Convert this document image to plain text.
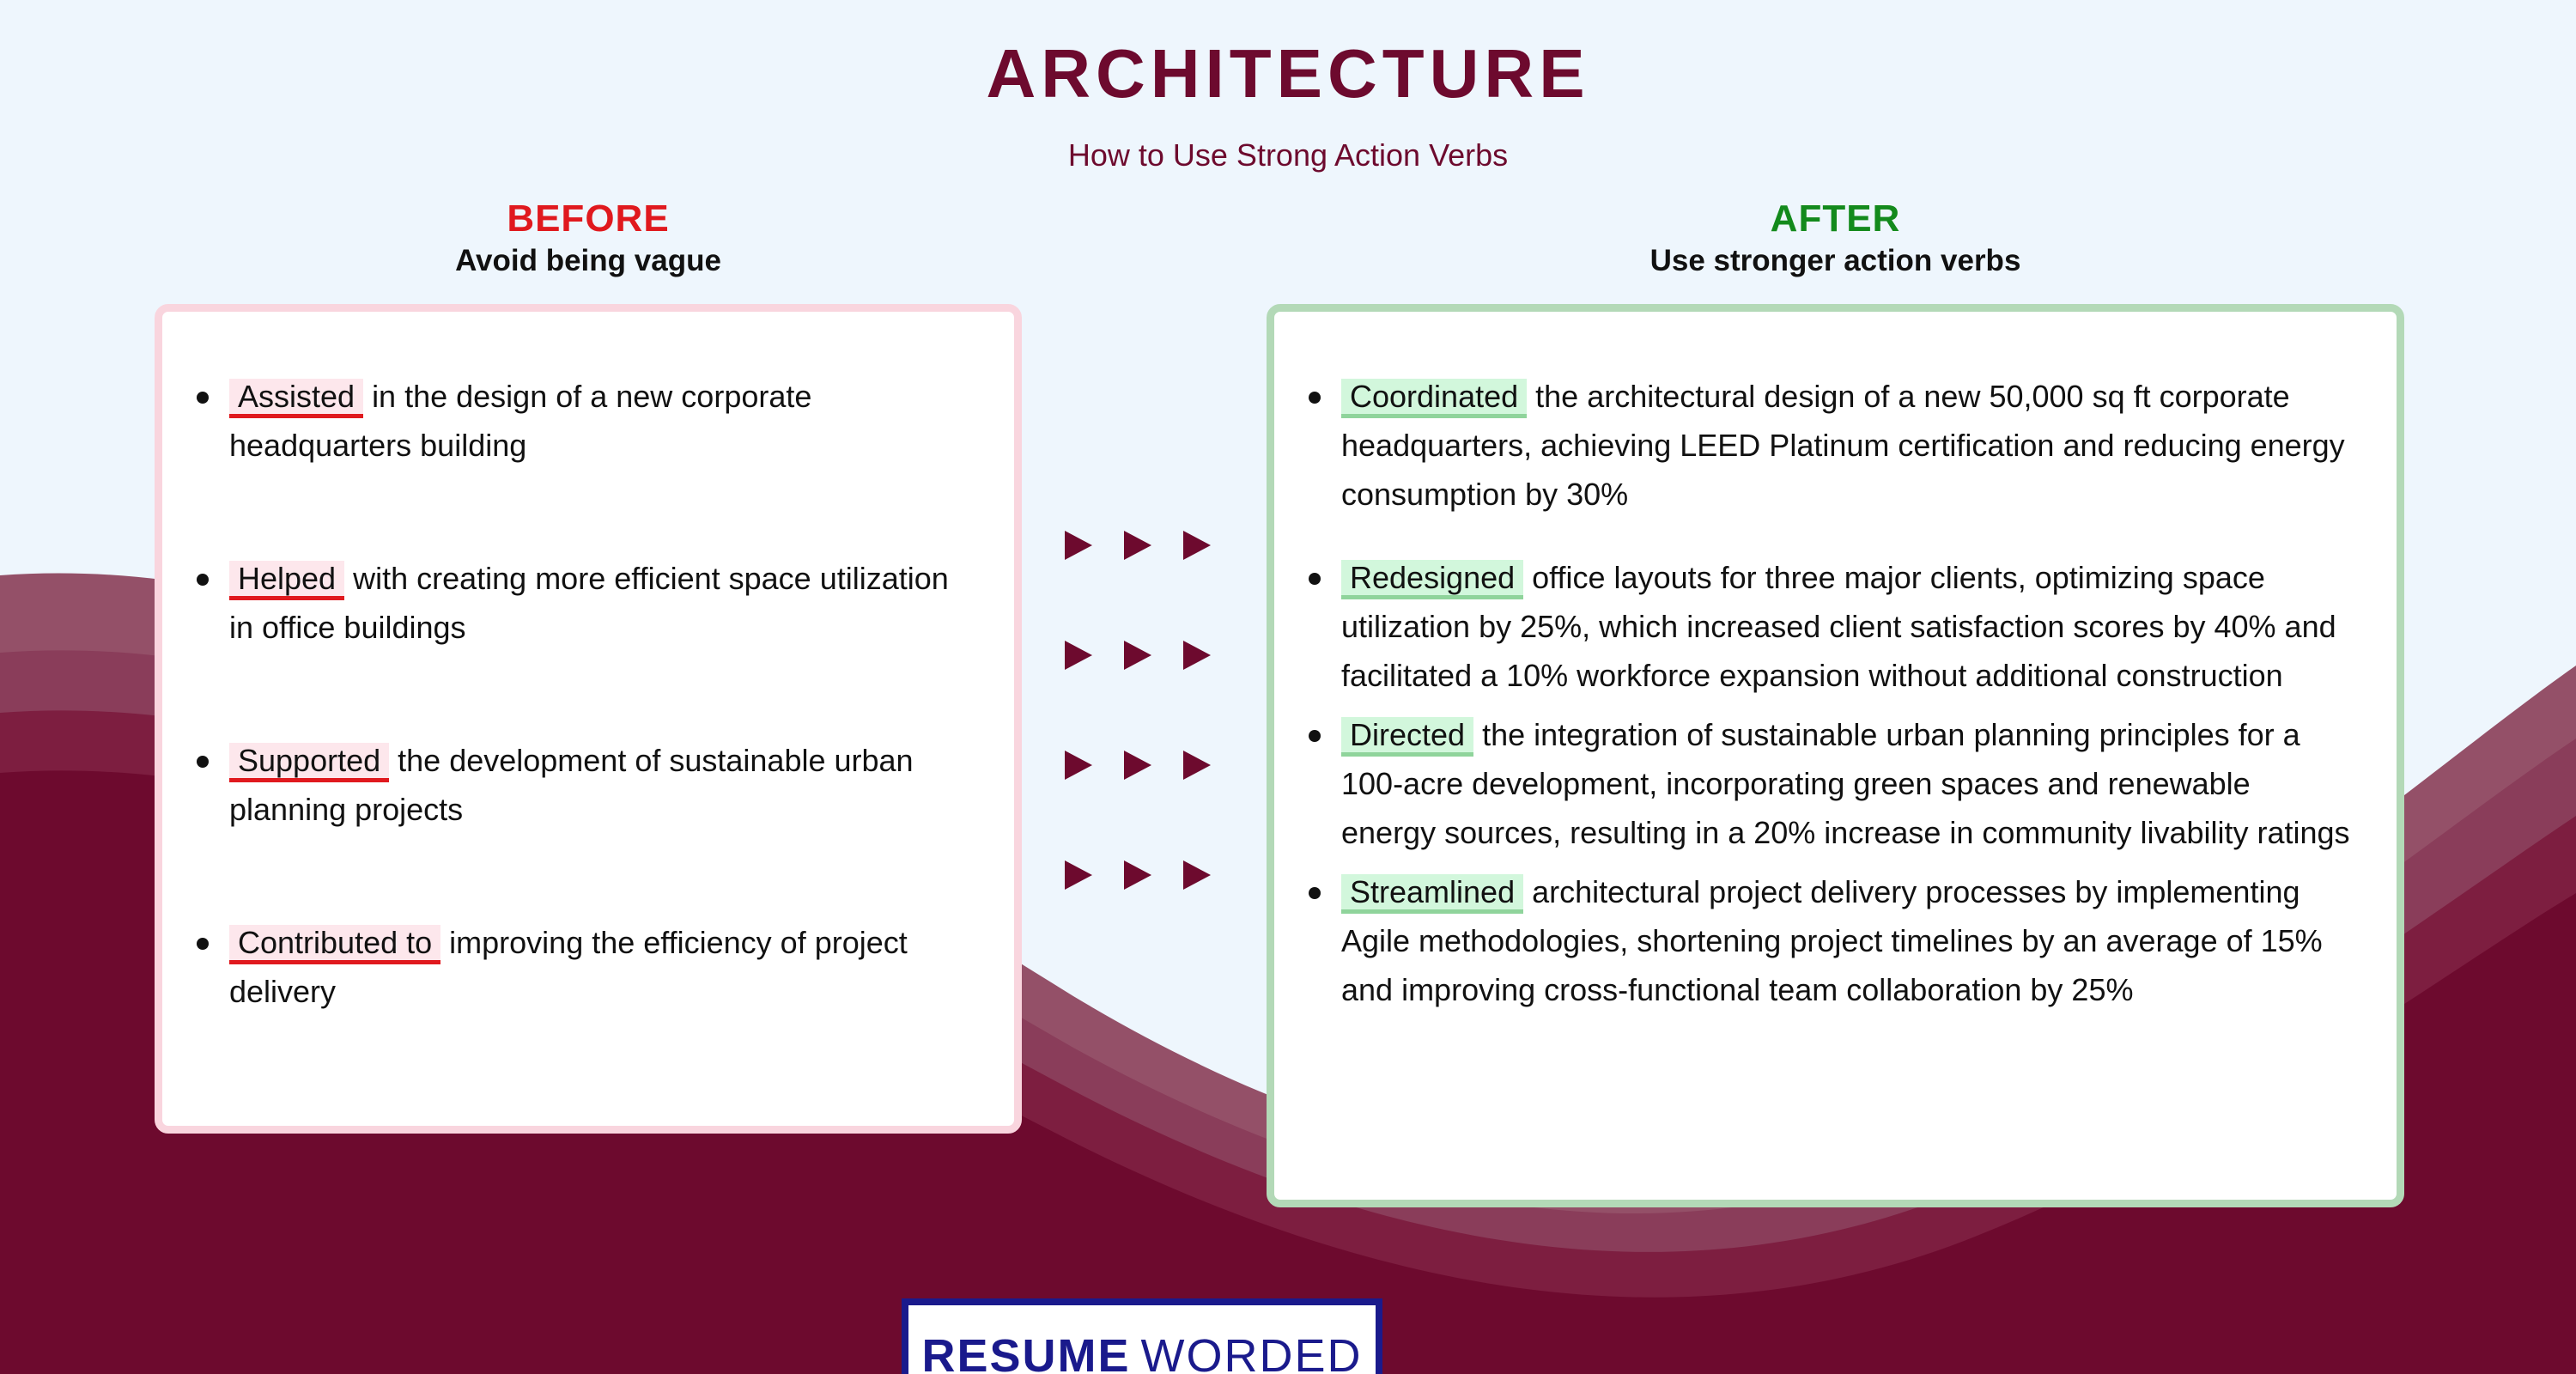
ARCHITECTURE
How to Use Strong Action Verbs
BEFORE
Avoid being vague
AFTER
Use stronger action verbs
Assisted in the design of a new corporate headquarters building
Helped with creating more efficient space utilization in office buildings
Supported the development of sustainable urban planning projects
Contributed to improving the efficiency of project delivery
Coordinated the architectural design of a new 50,000 sq ft corporate headquarters, achieving LEED Platinum certification and reducing energy consumption by 30%
Redesigned office layouts for three major clients, optimizing space utilization by 25%, which increased client satisfaction scores by 40% and facilitated a 10% workforce expansion without additional construction
Directed the integration of sustainable urban planning principles for a 100-acre development, incorporating green spaces and renewable energy sources, resulting in a 20% increase in community livability ratings
Streamlined architectural project delivery processes by implementing Agile methodologies, shortening project timelines by an average of 15% and improving cross-functional team collaboration by 25%
RESUME WORDED
